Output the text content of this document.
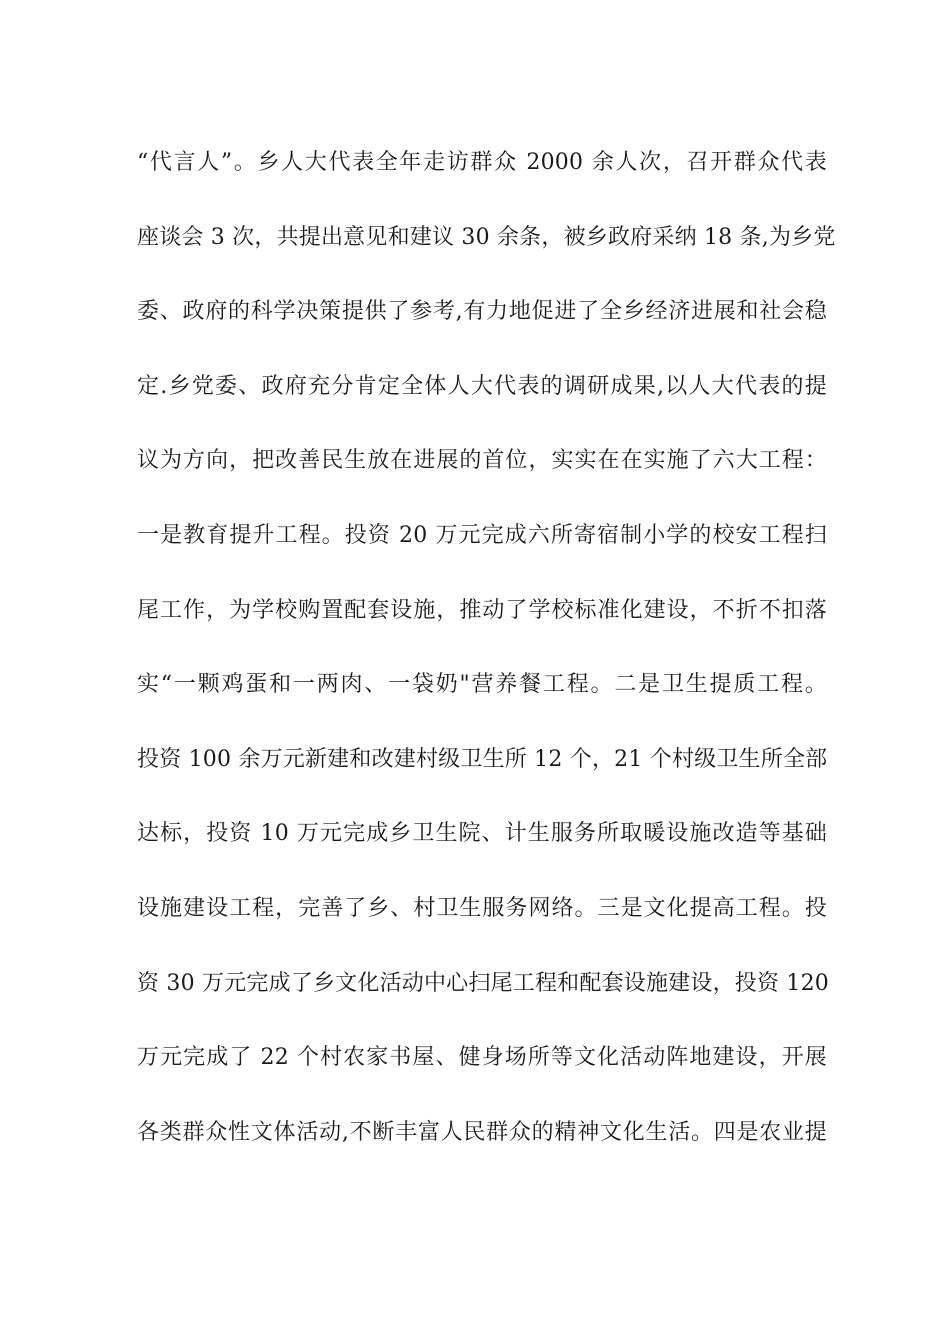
“代言人”。乡人大代表全年走访群众 2000 余人次，召开群众代表
座谈会 3 次，共提出意见和建议 30 余条，被乡政府采纳 18 条,为乡党
委、政府的科学决策提供了参考,有力地促进了全乡经济进展和社会稳
定.乡党委、政府充分肯定全体人大代表的调研成果,以人大代表的提
议为方向，把改善民生放在进展的首位，实实在在实施了六大工程：
一是教育提升工程。投资 20 万元完成六所寄宿制小学的校安工程扫
尾工作，为学校购置配套设施，推动了学校标准化建设，不折不扣落
实“一颗鸡蛋和一两肉、一袋奶"营养餐工程。二是卫生提质工程。
投资 100 余万元新建和改建村级卫生所 12 个，21 个村级卫生所全部
达标，投资 10 万元完成乡卫生院、计生服务所取暖设施改造等基础
设施建设工程，完善了乡、村卫生服务网络。三是文化提高工程。投
资 30 万元完成了乡文化活动中心扫尾工程和配套设施建设，投资 120
万元完成了 22 个村农家书屋、健身场所等文化活动阵地建设，开展
各类群众性文体活动,不断丰富人民群众的精神文化生活。四是农业提
